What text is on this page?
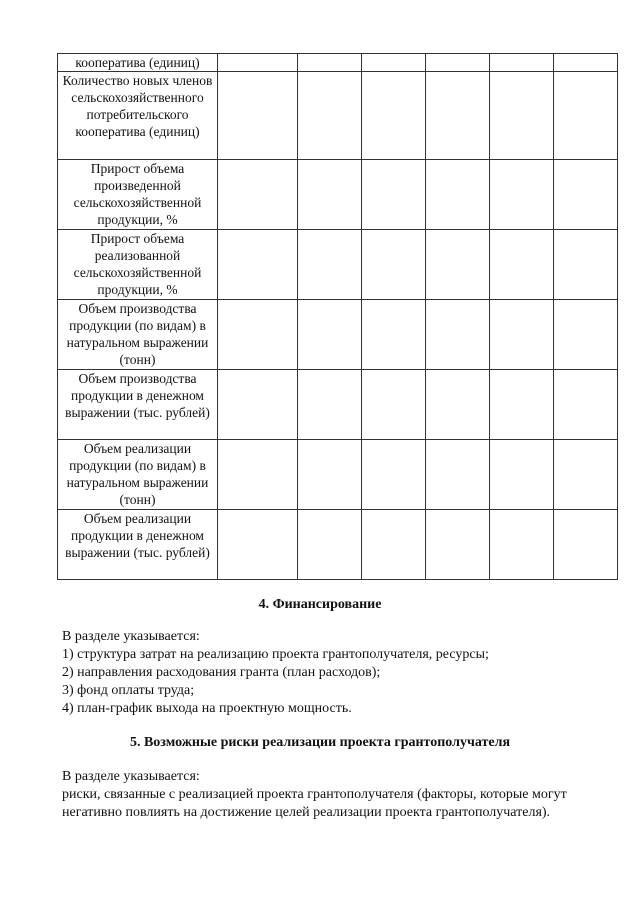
кооператива (единиц)						
Количество новых членов сельскохозяйственного потребительского кооператива (единиц)						
Прирост объема произведенной сельскохозяйственной продукции, %						
Прирост объема реализованной сельскохозяйственной продукции, %						
Объем производства продукции (по видам) в натуральном выражении (тонн)						
Объем производства продукции в денежном выражении (тыс. рублей)						
Объем реализации продукции (по видам) в натуральном выражении (тонн)						
Объем реализации продукции в денежном выражении (тыс. рублей)						
4. Финансирование
В разделе указывается:
1) структура затрат на реализацию проекта грантополучателя, ресурсы;
2) направления расходования гранта (план расходов);
3) фонд оплаты труда;
4) план-график выхода на проектную мощность.
5. Возможные риски реализации проекта грантополучателя
В разделе указывается:
риски, связанные с реализацией проекта грантополучателя (факторы, которые могут
негативно повлиять на достижение целей реализации проекта грантополучателя).
